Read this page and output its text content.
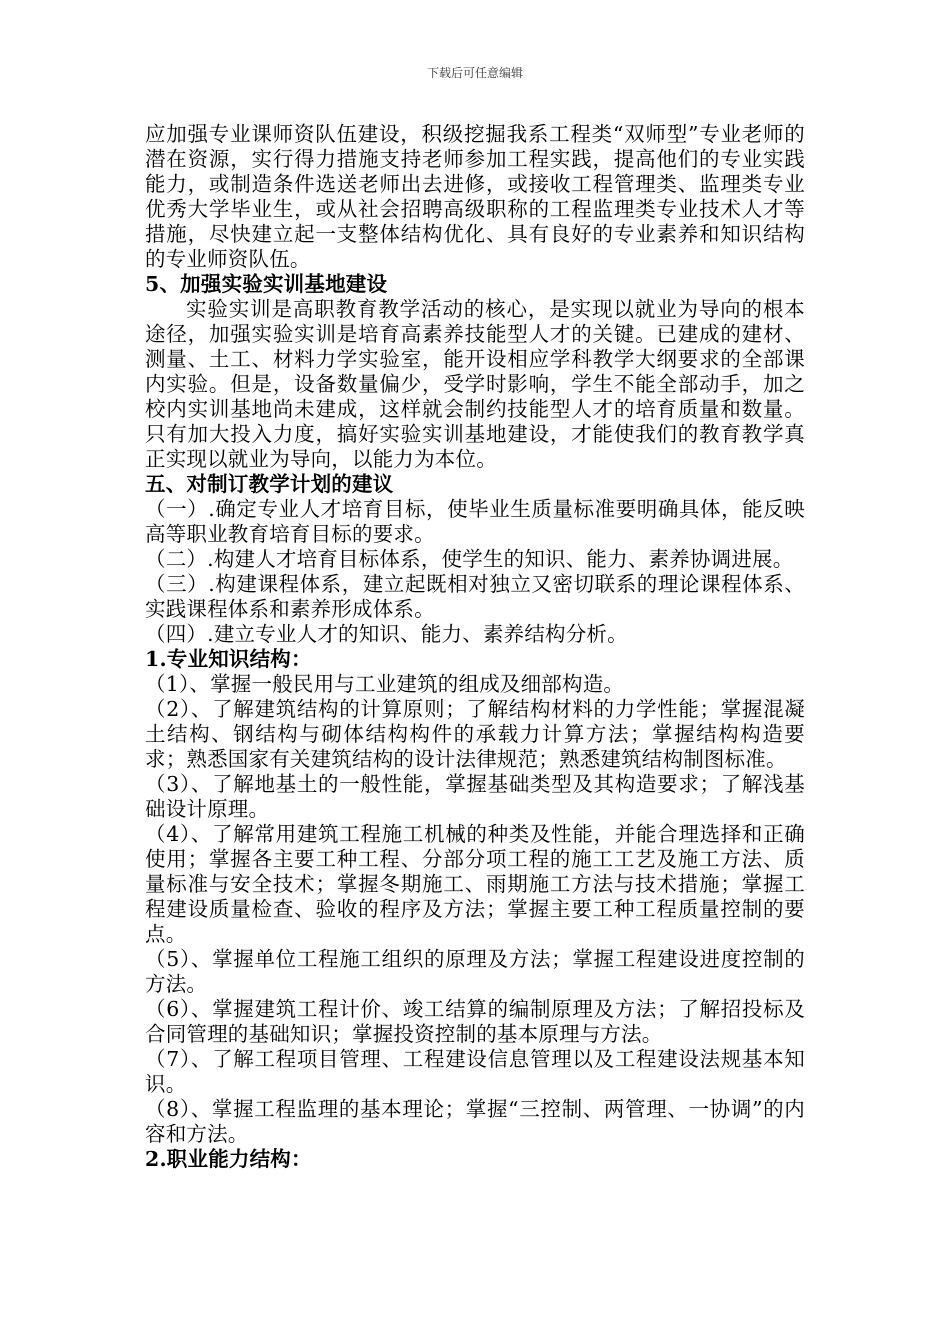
下载后可任意编辑

应加强专业课师资队伍建设，积级挖掘我系工程类“双师型”专业老师的潜在资源，实行得力措施支持老师参加工程实践，提高他们的专业实践能力，或制造条件选送老师出去进修，或接收工程管理类、监理类专业优秀大学毕业生，或从社会招聘高级职称的工程监理类专业技术人才等措施，尽快建立起一支整体结构优化、具有良好的专业素养和知识结构的专业师资队伍。

5、加强实验实训基地建设

实验实训是高职教育教学活动的核心，是实现以就业为导向的根本途径，加强实验实训是培育高素养技能型人才的关键。已建成的建材、测量、土工、材料力学实验室，能开设相应学科教学大纲要求的全部课内实验。但是，设备数量偏少，受学时影响，学生不能全部动手，加之校内实训基地尚未建成，这样就会制约技能型人才的培育质量和数量。只有加大投入力度，搞好实验实训基地建设，才能使我们的教育教学真正实现以就业为导向，以能力为本位。

五、对制订教学计划的建议

（一）.确定专业人才培育目标，使毕业生质量标准要明确具体，能反映高等职业教育培育目标的要求。

（二）.构建人才培育目标体系，使学生的知识、能力、素养协调进展。

（三）.构建课程体系，建立起既相对独立又密切联系的理论课程体系、实践课程体系和素养形成体系。

（四）.建立专业人才的知识、能力、素养结构分析。

1.专业知识结构：

（1）、掌握一般民用与工业建筑的组成及细部构造。

（2）、了解建筑结构的计算原则；了解结构材料的力学性能；掌握混凝土结构、钢结构与砌体结构构件的承载力计算方法；掌握结构构造要求；熟悉国家有关建筑结构的设计法律规范；熟悉建筑结构制图标准。

（3）、了解地基土的一般性能，掌握基础类型及其构造要求；了解浅基础设计原理。

（4）、了解常用建筑工程施工机械的种类及性能，并能合理选择和正确使用；掌握各主要工种工程、分部分项工程的施工工艺及施工方法、质量标准与安全技术；掌握冬期施工、雨期施工方法与技术措施；掌握工程建设质量检查、验收的程序及方法；掌握主要工种工程质量控制的要点。

（5）、掌握单位工程施工组织的原理及方法；掌握工程建设进度控制的方法。

（6）、掌握建筑工程计价、竣工结算的编制原理及方法；了解招投标及合同管理的基础知识；掌握投资控制的基本原理与方法。

（7）、了解工程项目管理、工程建设信息管理以及工程建设法规基本知识。

（8）、掌握工程监理的基本理论；掌握“三控制、两管理、一协调”的内容和方法。

2.职业能力结构：
